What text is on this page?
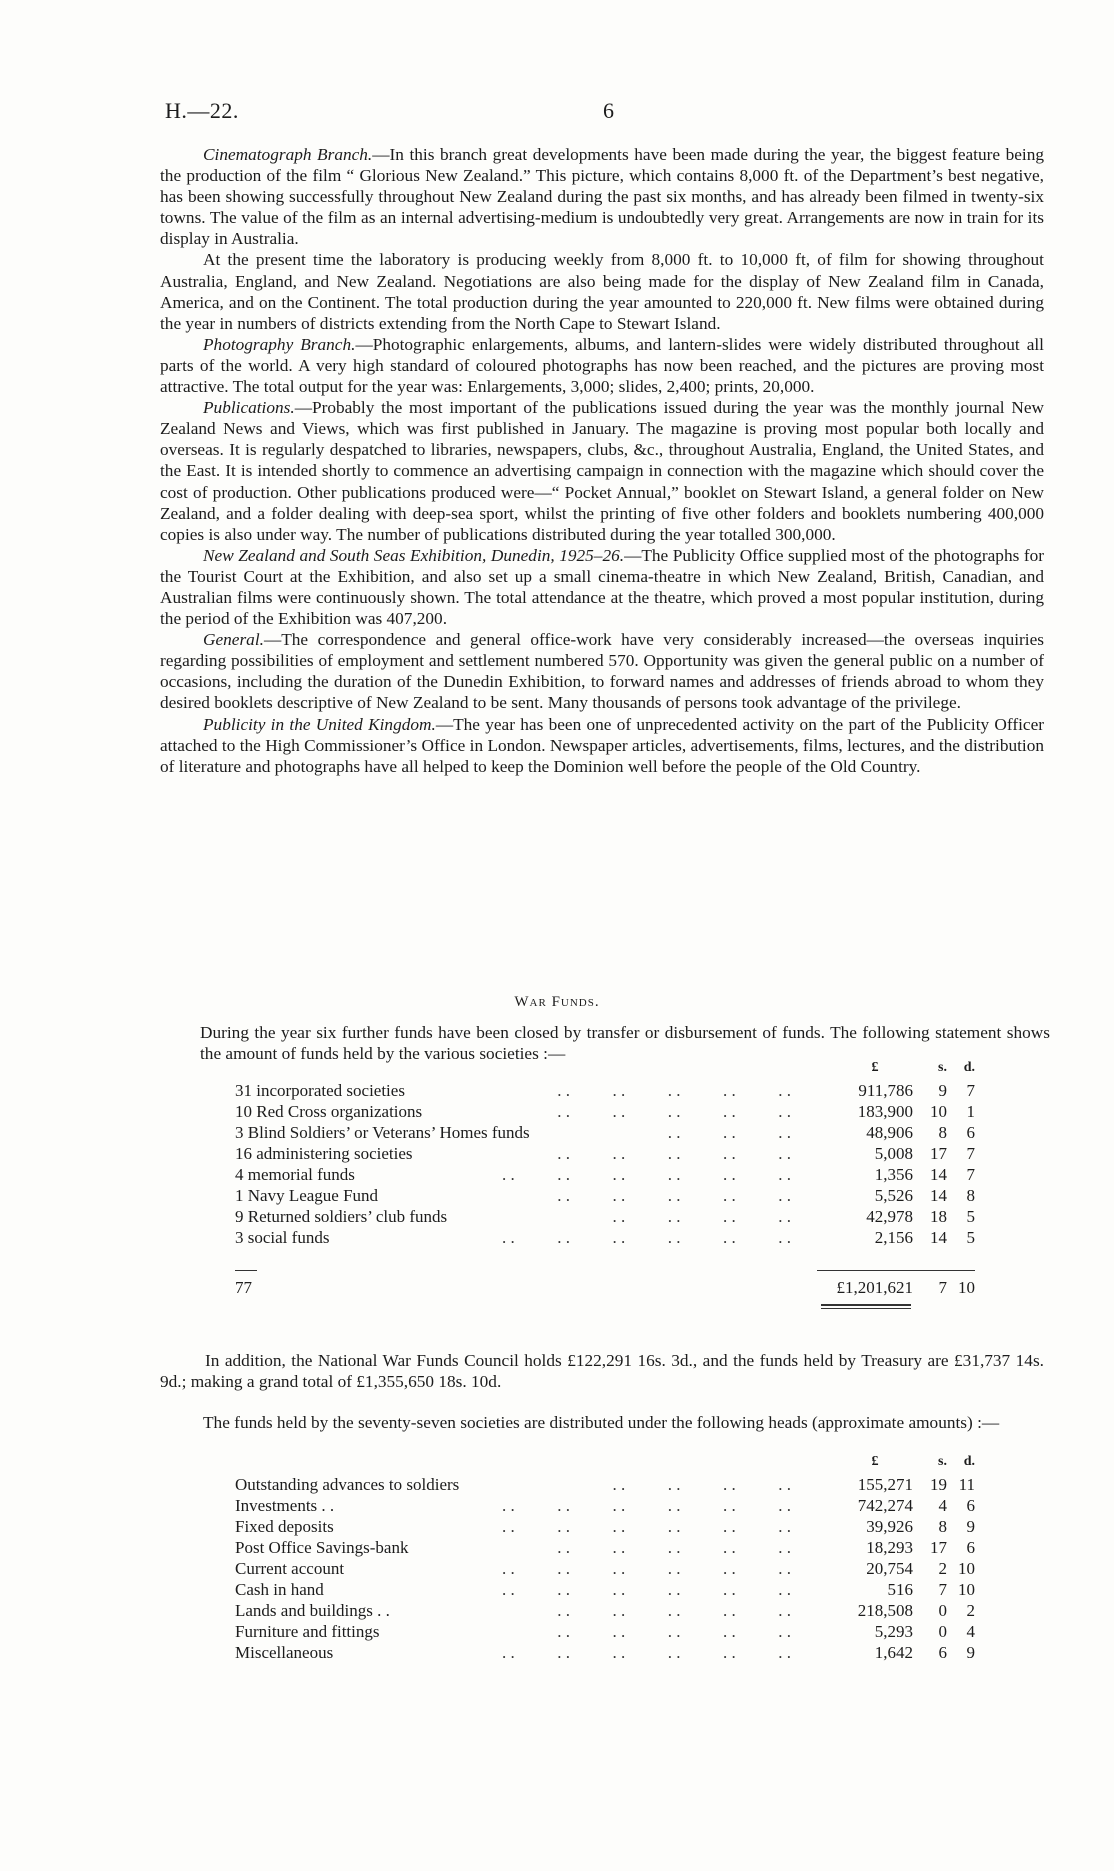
H.—22.	6

Cinematograph Branch.—In this branch great developments have been made during the year, the biggest feature being the production of the film “ Glorious New Zealand.” This picture, which contains 8,000 ft. of the Department’s best negative, has been showing successfully throughout New Zealand during the past six months, and has already been filmed in twenty-six towns. The value of the film as an internal advertising-medium is undoubtedly very great. Arrangements are now in train for its display in Australia.

At the present time the laboratory is producing weekly from 8,000 ft. to 10,000 ft, of film for showing throughout Australia, England, and New Zealand. Negotiations are also being made for the display of New Zealand film in Canada, America, and on the Continent. The total production during the year amounted to 220,000 ft. New films were obtained during the year in numbers of districts extending from the North Cape to Stewart Island.

Photography Branch.—Photographic enlargements, albums, and lantern-slides were widely distributed throughout all parts of the world. A very high standard of coloured photographs has now been reached, and the pictures are proving most attractive. The total output for the year was: Enlargements, 3,000; slides, 2,400; prints, 20,000.

Publications.—Probably the most important of the publications issued during the year was the monthly journal New Zealand News and Views, which was first published in January. The magazine is proving most popular both locally and overseas. It is regularly despatched to libraries, newspapers, clubs, &c., throughout Australia, England, the United States, and the East. It is intended shortly to commence an advertising campaign in connection with the magazine which should cover the cost of production. Other publications produced were—“ Pocket Annual,” booklet on Stewart Island, a general folder on New Zealand, and a folder dealing with deep-sea sport, whilst the printing of five other folders and booklets numbering 400,000 copies is also under way. The number of publications distributed during the year totalled 300,000.

New Zealand and South Seas Exhibition, Dunedin, 1925–26.—The Publicity Office supplied most of the photographs for the Tourist Court at the Exhibition, and also set up a small cinema-theatre in which New Zealand, British, Canadian, and Australian films were continuously shown. The total attendance at the theatre, which proved a most popular institution, during the period of the Exhibition was 407,200.

General.—The correspondence and general office-work have very considerably increased—the overseas inquiries regarding possibilities of employment and settlement numbered 570. Opportunity was given the general public on a number of occasions, including the duration of the Dunedin Exhibition, to forward names and addresses of friends abroad to whom they desired booklets descriptive of New Zealand to be sent. Many thousands of persons took advantage of the privilege.

Publicity in the United Kingdom.—The year has been one of unprecedented activity on the part of the Publicity Officer attached to the High Commissioner’s Office in London. Newspaper articles, advertisements, films, lectures, and the distribution of literature and photographs have all helped to keep the Dominion well before the people of the Old Country.

War Funds.
During the year six further funds have been closed by transfer or disbursement of funds. The following statement shows the amount of funds held by the various societies :—
£	s.	d.
31 incorporated societies	. .          . .          . .          . .          . .	911,786	9	7
10 Red Cross organizations	. .          . .          . .          . .          . .	183,900	10	1
3 Blind Soldiers’ or Veterans’ Homes funds	. .          . .          . .	48,906	8	6
16 administering societies	. .          . .          . .          . .          . .	5,008	17	7
4 memorial funds	. .          . .          . .          . .          . .          . .	1,356	14	7
1 Navy League Fund	. .          . .          . .          . .          . .	5,526	14	8
9 Returned soldiers’ club funds	. .          . .          . .          . .	42,978	18	5
3 social funds	. .          . .          . .          . .          . .          . .	2,156	14	5
77	£1,201,621	7 10
In addition, the National War Funds Council holds £122,291 16s. 3d., and the funds held by Treasury are £31,737 14s. 9d.; making a grand total of £1,355,650 18s. 10d.
The funds held by the seventy-seven societies are distributed under the following heads (approximate amounts) :—
£	s.	d.
Outstanding advances to soldiers	. .          . .          . .          . .	155,271	19 11
Investments . .	. .          . .          . .          . .          . .          . .	742,274	4	6
Fixed deposits	. .          . .          . .          . .          . .          . .	39,926	8	9
Post Office Savings-bank	. .          . .          . .          . .          . .	18,293	17	6
Current account	. .          . .          . .          . .          . .          . .	20,754	2 10
Cash in hand	. .          . .          . .          . .          . .          . .	516	7 10
Lands and buildings . .	. .          . .          . .          . .          . .	218,508	0	2
Furniture and fittings	. .          . .          . .          . .          . .	5,293	0	4
Miscellaneous	. .          . .          . .          . .          . .          . .	1,642	6	9
